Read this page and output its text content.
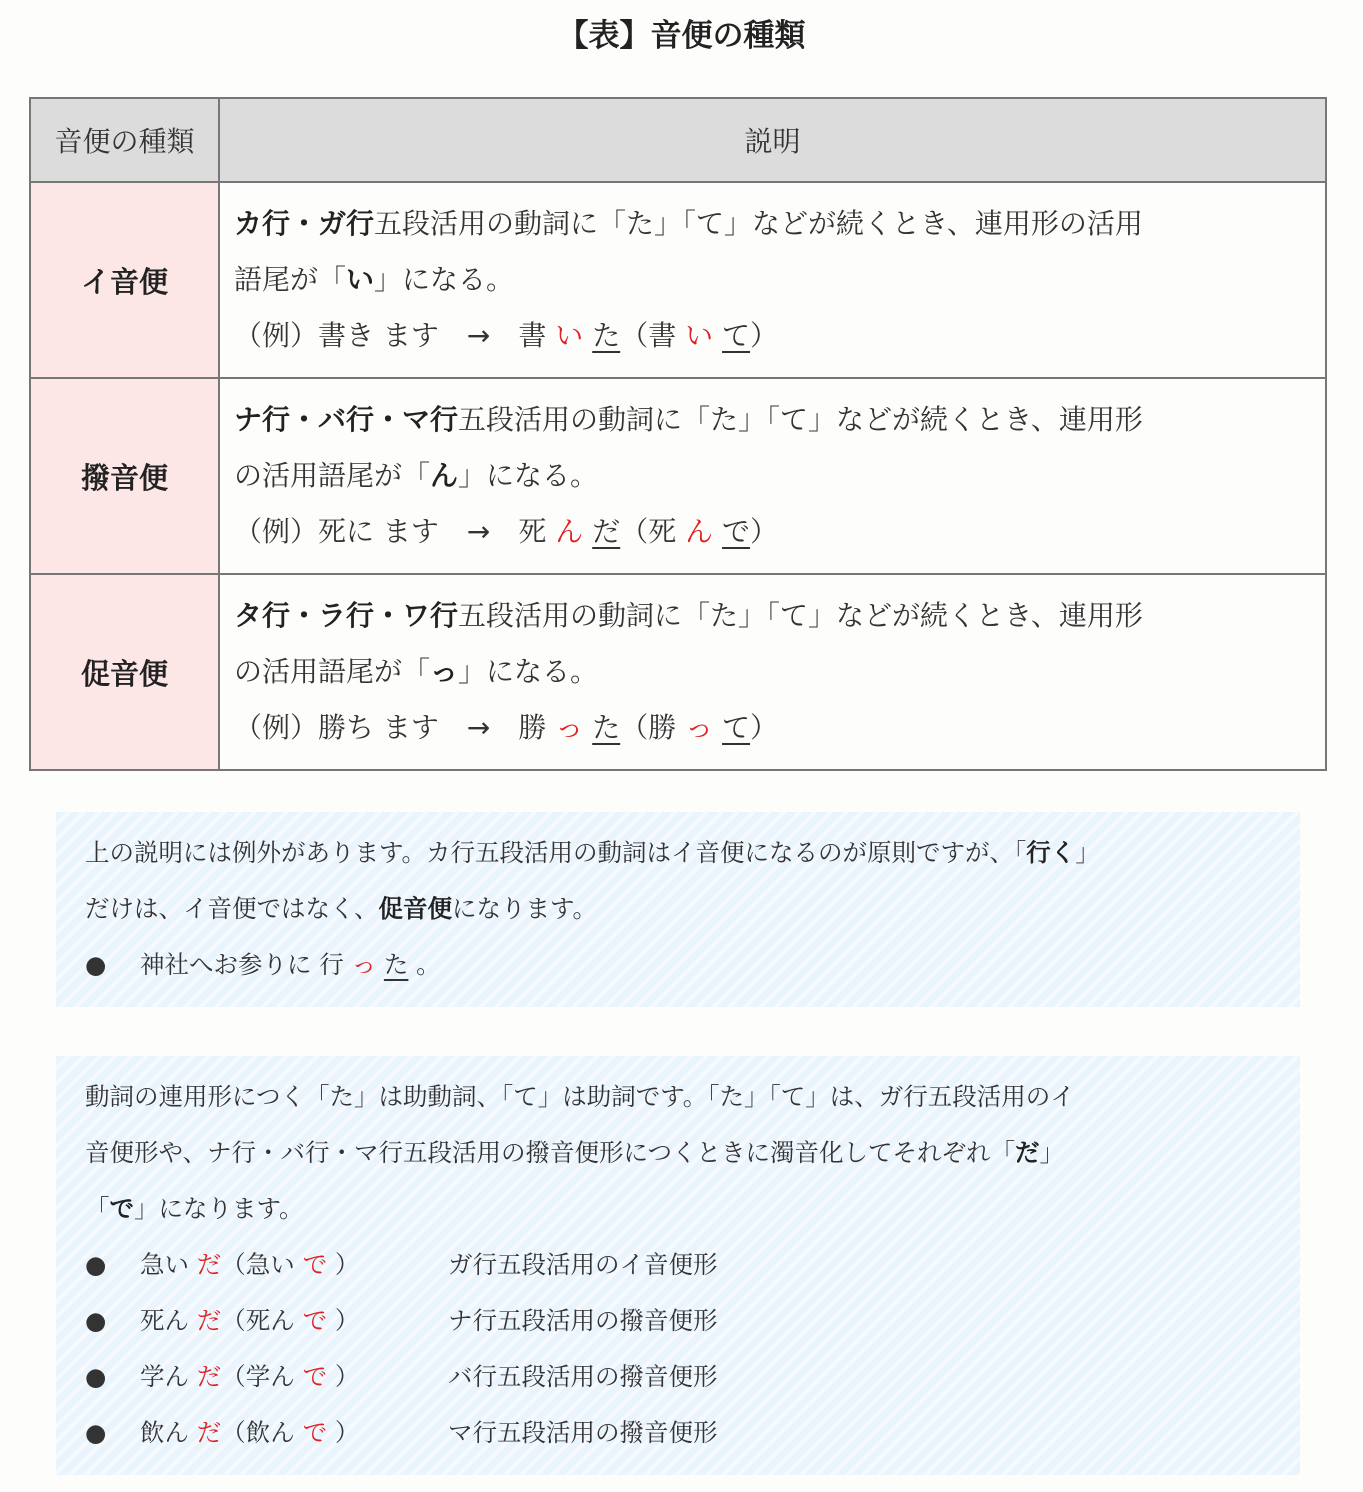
【表】音便の種類
音便の種類	説明
イ音便	カ行・ガ行五段活用の動詞に「た」「て」などが続くとき、連用形の活用
語尾が「い」になる。
（例）書き ます　→　書 い た（書 い て）

撥音便	ナ行・バ行・マ行五段活用の動詞に「た」「て」などが続くとき、連用形
の活用語尾が「ん」になる。
（例）死に ます　→　死 ん だ（死 ん で）

促音便	タ行・ラ行・ワ行五段活用の動詞に「た」「て」などが続くとき、連用形
の活用語尾が「っ」になる。
（例）勝ち ます　→　勝 っ た（勝 っ て）

上の説明には例外があります。カ行五段活用の動詞はイ音便になるのが原則ですが、「行く」

だけは、イ音便ではなく、促音便になります。

● 神社へお参りに 行 っ た 。

動詞の連用形につく「た」は助動詞、「て」は助詞です。「た」「て」は、ガ行五段活用のイ

音便形や、ナ行・バ行・マ行五段活用の撥音便形につくときに濁音化してそれぞれ「だ」

「で」になります。

● 急い だ（急い で ）	ガ行五段活用のイ音便形
● 死ん だ（死ん で ）	ナ行五段活用の撥音便形
● 学ん だ（学ん で ）	バ行五段活用の撥音便形
● 飲ん だ（飲ん で ）	マ行五段活用の撥音便形
